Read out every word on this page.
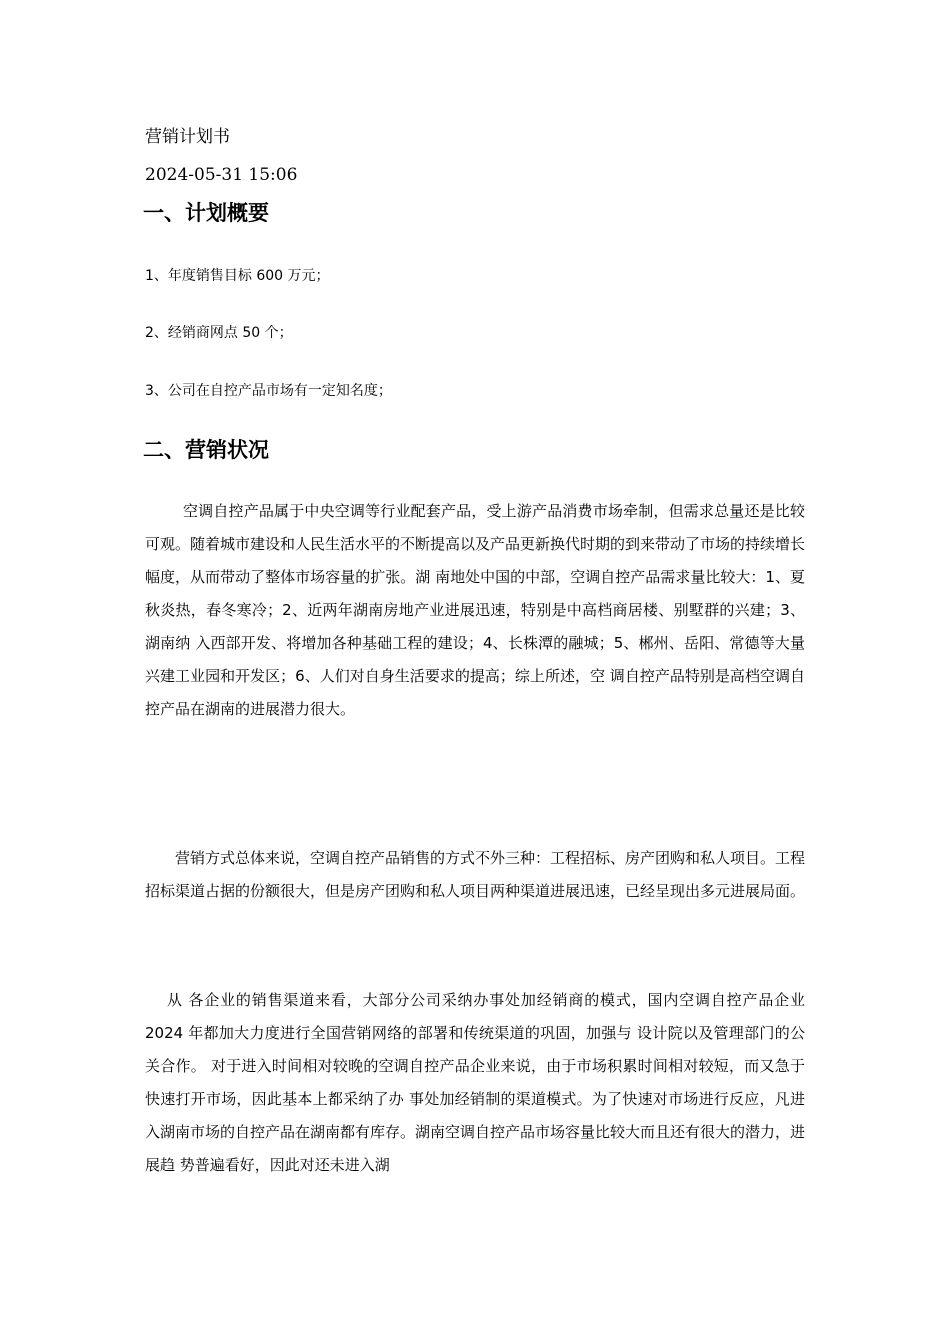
营销计划书
2024-05-31 15:06
一、计划概要
1、年度销售目标 600 万元；
2、经销商网点 50 个；
3、公司在自控产品市场有一定知名度；
二、营销状况

空调自控产品属于中央空调等行业配套产品，受上游产品消费市场牵制，但需求总量还是比较可观。随着城市建设和人民生活水平的不断提高以及产品更新换代时期的到来带动了市场的持续增长幅度，从而带动了整体市场容量的扩张。湖 南地处中国的中部，空调自控产品需求量比较大：1、夏秋炎热，春冬寒冷；2、近两年湖南房地产业进展迅速，特别是中高档商居楼、别墅群的兴建；3、湖南纳 入西部开发、将增加各种基础工程的建设；4、长株潭的融城；5、郴州、岳阳、常德等大量兴建工业园和开发区；6、人们对自身生活要求的提高；综上所述，空 调自控产品特别是高档空调自控产品在湖南的进展潜力很大。

营销方式总体来说，空调自控产品销售的方式不外三种：工程招标、房产团购和私人项目。工程招标渠道占据的份额很大，但是房产团购和私人项目两种渠道进展迅速，已经呈现出多元进展局面。

从 各企业的销售渠道来看，大部分公司采纳办事处加经销商的模式，国内空调自控产品企业 2024 年都加大力度进行全国营销网络的部署和传统渠道的巩固，加强与 设计院以及管理部门的公关合作。 对于进入时间相对较晚的空调自控产品企业来说，由于市场积累时间相对较短，而又急于快速打开市场，因此基本上都采纳了办 事处加经销制的渠道模式。为了快速对市场进行反应，凡进入湖南市场的自控产品在湖南都有库存。湖南空调自控产品市场容量比较大而且还有很大的潜力，进展趋 势普遍看好，因此对还未进入湖
